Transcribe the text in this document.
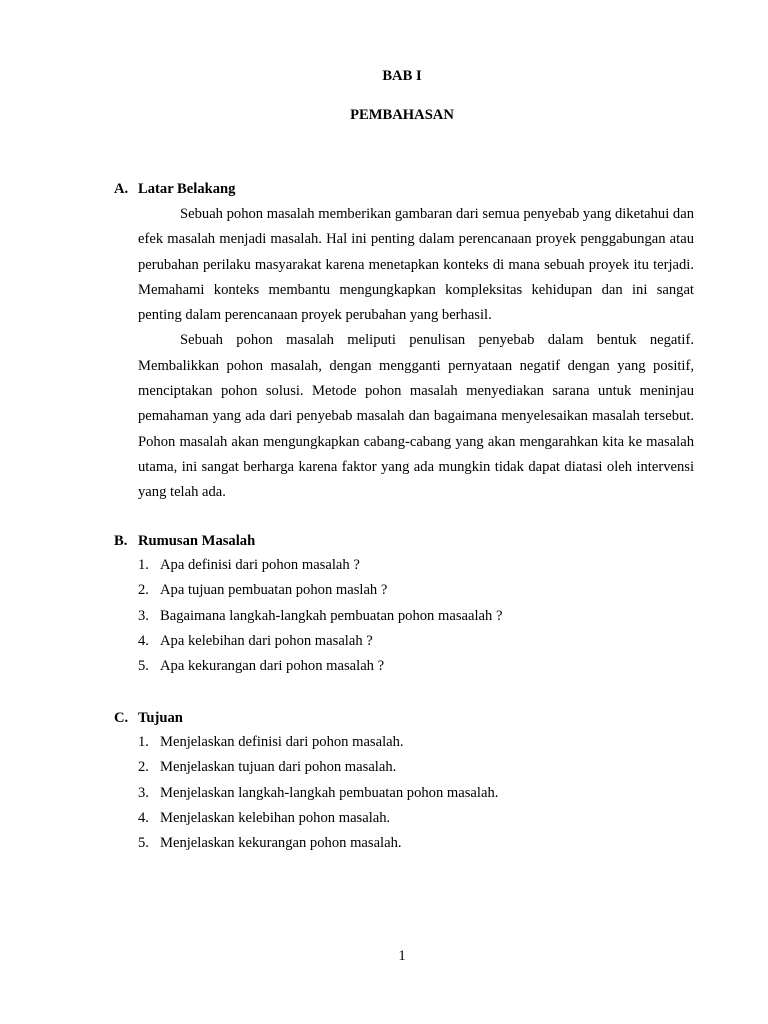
BAB I
PEMBAHASAN
A. Latar Belakang

Sebuah pohon masalah memberikan gambaran dari semua penyebab yang diketahui dan efek masalah menjadi masalah. Hal ini penting dalam perencanaan proyek penggabungan atau perubahan perilaku masyarakat karena menetapkan konteks di mana sebuah proyek itu terjadi. Memahami konteks membantu mengungkapkan kompleksitas kehidupan dan ini sangat penting dalam perencanaan proyek perubahan yang berhasil.

Sebuah pohon masalah meliputi penulisan penyebab dalam bentuk negatif. Membalikkan pohon masalah, dengan mengganti pernyataan negatif dengan yang positif, menciptakan pohon solusi. Metode pohon masalah menyediakan sarana untuk meninjau pemahaman yang ada dari penyebab masalah dan bagaimana menyelesaikan masalah tersebut. Pohon masalah akan mengungkapkan cabang-cabang yang akan mengarahkan kita ke masalah utama, ini sangat berharga karena faktor yang ada mungkin tidak dapat diatasi oleh intervensi yang telah ada.

B. Rumusan Masalah
1. Apa definisi dari pohon masalah ?
2. Apa tujuan pembuatan pohon maslah ?
3. Bagaimana langkah-langkah pembuatan pohon masaalah ?
4. Apa kelebihan dari pohon masalah ?
5. Apa kekurangan dari pohon masalah ?
C. Tujuan
1. Menjelaskan definisi dari pohon masalah.
2. Menjelaskan tujuan dari pohon masalah.
3. Menjelaskan langkah-langkah pembuatan pohon masalah.
4. Menjelaskan kelebihan pohon masalah.
5. Menjelaskan kekurangan pohon masalah.
1
